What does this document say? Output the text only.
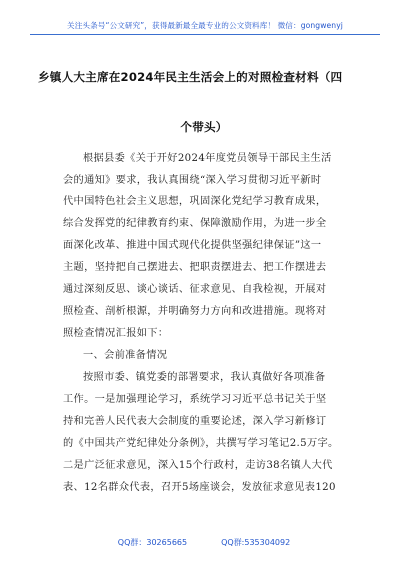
关注头条号“公文研究”，获得最新最全最专业的公文资料库！ 微信：gongwenyj
乡镇人大主席在2024年民主生活会上的对照检查材料（四
个带头）
根据县委《关于开好2024年度党员领导干部民主生活
会的通知》要求，我认真围绕“深入学习贯彻习近平新时
代中国特色社会主义思想，巩固深化党纪学习教育成果，
综合发挥党的纪律教育约束、保障激励作用，为进一步全
面深化改革、推进中国式现代化提供坚强纪律保证”这一
主题，坚持把自己摆进去、把职责摆进去、把工作摆进去
通过深刻反思、谈心谈话、征求意见、自我检视，开展对
照检查、剖析根源，并明确努力方向和改进措施。现将对
照检查情况汇报如下：
一、会前准备情况
按照市委、镇党委的部署要求，我认真做好各项准备
工作。一是加强理论学习，系统学习习近平总书记关于坚
持和完善人民代表大会制度的重要论述，深入学习新修订
的《中国共产党纪律处分条例》，共撰写学习笔记2.5万字。
二是广泛征求意见，深入15个行政村，走访38名镇人大代
表、12名群众代表，召开5场座谈会，发放征求意见表120
QQ群：30265665	QQ群:535304092
